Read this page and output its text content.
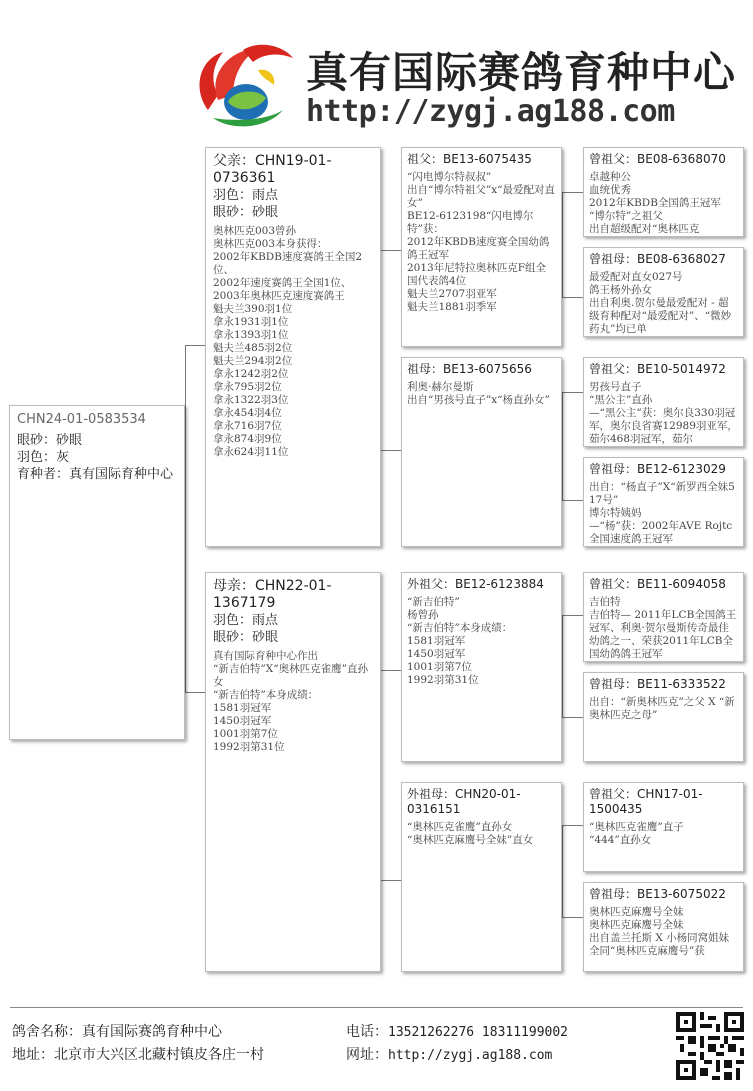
真有国际赛鸽育种中心
http://zygj.ag188.com
CHN24-01-0583534
眼砂：砂眼
羽色：灰
育种者：真有国际育种中心
父亲：CHN19-01-0736361
羽色：雨点
眼砂：砂眼
奥林匹克003曾孙
奥林匹克003本身获得：
2002年KBDB速度赛鸽王全国2位、
2002年速度赛鸽王全国1位、
2003年奥林匹克速度赛鸽王
魁夫兰390羽1位
拿永1931羽1位
拿永1393羽1位
魁夫兰485羽2位
魁夫兰294羽2位
拿永1242羽2位
拿永795羽2位
拿永1322羽3位
拿永454羽4位
拿永716羽7位
拿永874羽9位
拿永624羽11位
母亲：CHN22-01-1367179
羽色：雨点
眼砂：砂眼
真有国际育种中心作出
“新吉伯特”X“奥林匹克雀鹰”直孙女
“新吉伯特”本身成绩：
1581羽冠军
1450羽冠军
1001羽第7位
1992羽第31位
祖父：BE13-6075435
“闪电博尔特叔叔”
出自“博尔特祖父”x“最爱配对直女”
BE12-6123198“闪电博尔特”获：
2012年KBDB速度赛全国幼鸽鸽王冠军
2013年尼特拉奥林匹克F组全国代表鸽4位
魁夫兰2707羽亚军
魁夫兰1881羽季军
祖母：BE13-6075656
利奥·赫尔曼斯
出自“男孩号直子”x“杨直孙女”
外祖父：BE12-6123884
“新吉伯特”
杨曾孙
“新吉伯特”本身成绩：
1581羽冠军
1450羽冠军
1001羽第7位
1992羽第31位
外祖母：CHN20-01-0316151
“奥林匹克雀鹰”直孙女
“奥林匹克麻鹰号全妹”直女
曾祖父：BE08-6368070
卓越种公
血统优秀
2012年KBDB全国鸽王冠军
“博尔特”之祖父
出自超级配对“奥林匹克
曾祖母：BE08-6368027
最爱配对直女027号
鸽王杨外孙女
出自利奥.贺尔曼最爱配对 - 超级育种配对“最爱配对”、“微妙药丸”均已单
曾祖父：BE10-5014972
男孩号直子
“黑公主”直孙
—“黑公主”获：奥尔良330羽冠军，奥尔良省赛12989羽亚军，茹尔468羽冠军，茹尔
曾祖母：BE12-6123029
出自：“杨直子”X“新罗西全妹517号”
博尔特姨妈
—“杨”获：2002年AVE Rojtc全国速度鸽王冠军
曾祖父：BE11-6094058
吉伯特
吉伯特— 2011年LCB全国鸽王冠军、利奥·贺尔曼斯传奇最佳幼鸽之一、荣获2011年LCB全国幼鸽鸽王冠军
曾祖母：BE11-6333522
出自：“新奥林匹克”之父 X “新奥林匹克之母”
曾祖父：CHN17-01-1500435
“奥林匹克雀鹰”直子
“444”直孙女
曾祖母：BE13-6075022
奥林匹克麻鹰号全妹
奥林匹克麻鹰号全妹
出自盖兰托斯 X 小杨同窝姐妹
全同“奥林匹克麻鹰号”获
鸽舍名称：真有国际赛鸽育种中心
地址：北京市大兴区北藏村镇皮各庄一村
电话：13521262276 18311199002
网址：http://zygj.ag188.com
